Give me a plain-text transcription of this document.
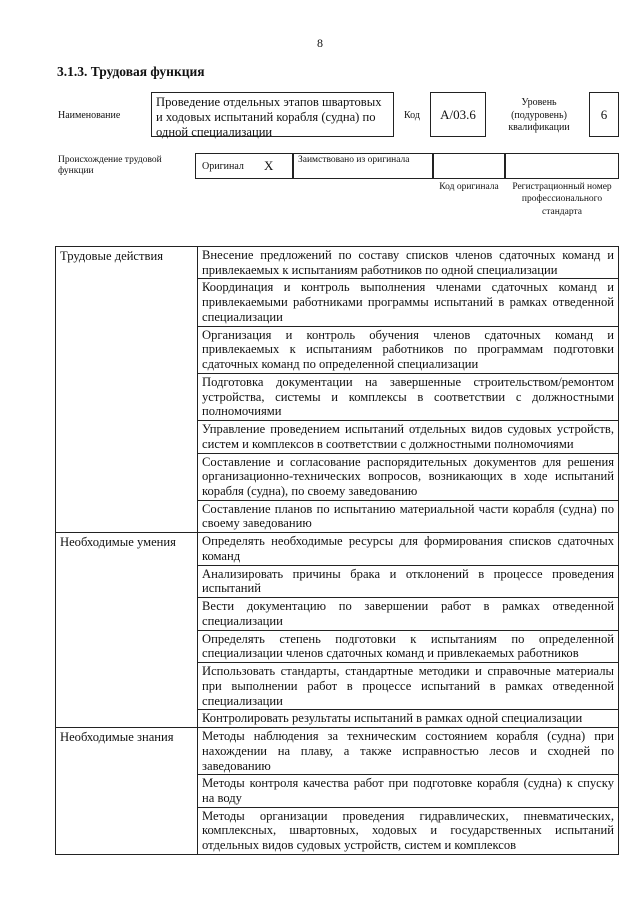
8
3.1.3. Трудовая функция
Наименование
Проведение отдельных этапов швартовых и ходовых испытаний корабля (судна) по одной специализации
Код	A/03.6
Уровень (подуровень) квалификации
6
Происхождение трудовой функции	Оригинал X	Заимствовано из оригинала
Код оригинала	Регистрационный номер профессионального стандарта
Трудовые действия	Внесение предложений по составу списков членов сдаточных команд и привлекаемых к испытаниям работников по одной специализации
	Координация и контроль выполнения членами сдаточных команд и привлекаемыми работниками программы испытаний в рамках отведенной специализации
	Организация и контроль обучения членов сдаточных команд и привлекаемых к испытаниям работников по программам подготовки сдаточных команд по определенной специализации
	Подготовка документации на завершенные строительством/ремонтом устройства, системы и комплексы в соответствии с должностными полномочиями
	Управление проведением испытаний отдельных видов судовых устройств, систем и комплексов в соответствии с должностными полномочиями
	Составление и согласование распорядительных документов для решения организационно-технических вопросов, возникающих в ходе испытаний корабля (судна), по своему заведованию
	Составление планов по испытанию материальной части корабля (судна) по своему заведованию
Необходимые умения	Определять необходимые ресурсы для формирования списков сдаточных команд
	Анализировать причины брака и отклонений в процессе проведения испытаний
	Вести документацию по завершении работ в рамках отведенной специализации
	Определять степень подготовки к испытаниям по определенной специализации членов сдаточных команд и привлекаемых работников
	Использовать стандарты, стандартные методики и справочные материалы при выполнении работ в процессе испытаний в рамках отведенной специализации
	Контролировать результаты испытаний в рамках одной специализации
Необходимые знания	Методы наблюдения за техническим состоянием корабля (судна) при нахождении на плаву, а также исправностью лесов и сходней по заведованию
	Методы контроля качества работ при подготовке корабля (судна) к спуску на воду
	Методы организации проведения гидравлических, пневматических, комплексных, швартовных, ходовых и государственных испытаний отдельных видов судовых устройств, систем и комплексов
